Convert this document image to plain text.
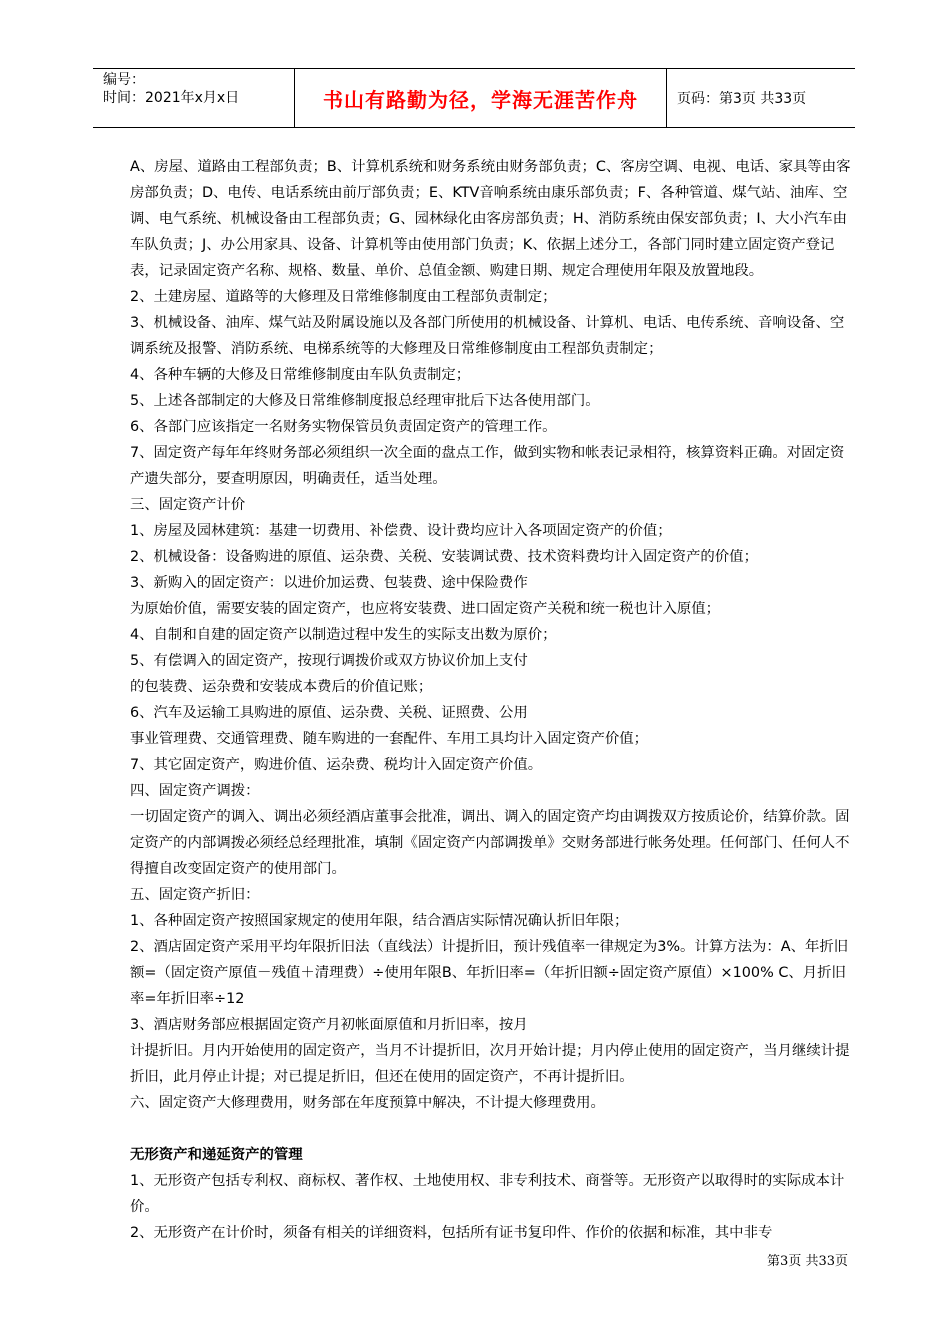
编号：
时间：2021年x月x日	书山有路勤为径，学海无涯苦作舟	页码：第3页 共33页

A、房屋、道路由工程部负责；B、计算机系统和财务系统由财务部负责；C、客房空调、电视、电话、家具等由客房部负责；D、电传、电话系统由前厅部负责；E、KTV音响系统由康乐部负责；F、各种管道、煤气站、油库、空调、电气系统、机械设备由工程部负责；G、园林绿化由客房部负责；H、消防系统由保安部负责；I、大小汽车由车队负责；J、办公用家具、设备、计算机等由使用部门负责；K、依据上述分工，各部门同时建立固定资产登记表，记录固定资产名称、规格、数量、单价、总值金额、购建日期、规定合理使用年限及放置地段。

2、土建房屋、道路等的大修理及日常维修制度由工程部负责制定；

3、机械设备、油库、煤气站及附属设施以及各部门所使用的机械设备、计算机、电话、电传系统、音响设备、空调系统及报警、消防系统、电梯系统等的大修理及日常维修制度由工程部负责制定；

4、各种车辆的大修及日常维修制度由车队负责制定；

5、上述各部制定的大修及日常维修制度报总经理审批后下达各使用部门。

6、各部门应该指定一名财务实物保管员负责固定资产的管理工作。

7、固定资产每年年终财务部必须组织一次全面的盘点工作，做到实物和帐表记录相符，核算资料正确。对固定资产遗失部分，要查明原因，明确责任，适当处理。

三、固定资产计价

1、房屋及园林建筑：基建一切费用、补偿费、设计费均应计入各项固定资产的价值；

2、机械设备：设备购进的原值、运杂费、关税、安装调试费、技术资料费均计入固定资产的价值；

3、新购入的固定资产：以进价加运费、包装费、途中保险费作

为原始价值，需要安装的固定资产，也应将安装费、进口固定资产关税和统一税也计入原值；

4、自制和自建的固定资产以制造过程中发生的实际支出数为原价；

5、有偿调入的固定资产，按现行调拨价或双方协议价加上支付

的包装费、运杂费和安装成本费后的价值记账；

6、汽车及运输工具购进的原值、运杂费、关税、证照费、公用

事业管理费、交通管理费、随车购进的一套配件、车用工具均计入固定资产价值；

7、其它固定资产，购进价值、运杂费、税均计入固定资产价值。

四、固定资产调拨：

一切固定资产的调入、调出必须经酒店董事会批准，调出、调入的固定资产均由调拨双方按质论价，结算价款。固定资产的内部调拨必须经总经理批准，填制《固定资产内部调拨单》交财务部进行帐务处理。任何部门、任何人不得擅自改变固定资产的使用部门。

五、固定资产折旧：

1、各种固定资产按照国家规定的使用年限，结合酒店实际情况确认折旧年限；

2、酒店固定资产采用平均年限折旧法（直线法）计提折旧，预计残值率一律规定为3%。计算方法为：A、年折旧额=（固定资产原值－残值＋清理费）÷使用年限B、年折旧率=（年折旧额÷固定资产原值）×100% C、月折旧率=年折旧率÷12

3、酒店财务部应根据固定资产月初帐面原值和月折旧率，按月

计提折旧。月内开始使用的固定资产，当月不计提折旧，次月开始计提；月内停止使用的固定资产，当月继续计提折旧，此月停止计提；对已提足折旧，但还在使用的固定资产，不再计提折旧。

六、固定资产大修理费用，财务部在年度预算中解决，不计提大修理费用。

无形资产和递延资产的管理

1、无形资产包括专利权、商标权、著作权、土地使用权、非专利技术、商誉等。无形资产以取得时的实际成本计价。

2、无形资产在计价时，须备有相关的详细资料，包括所有证书复印件、作价的依据和标准，其中非专

第3页 共33页
